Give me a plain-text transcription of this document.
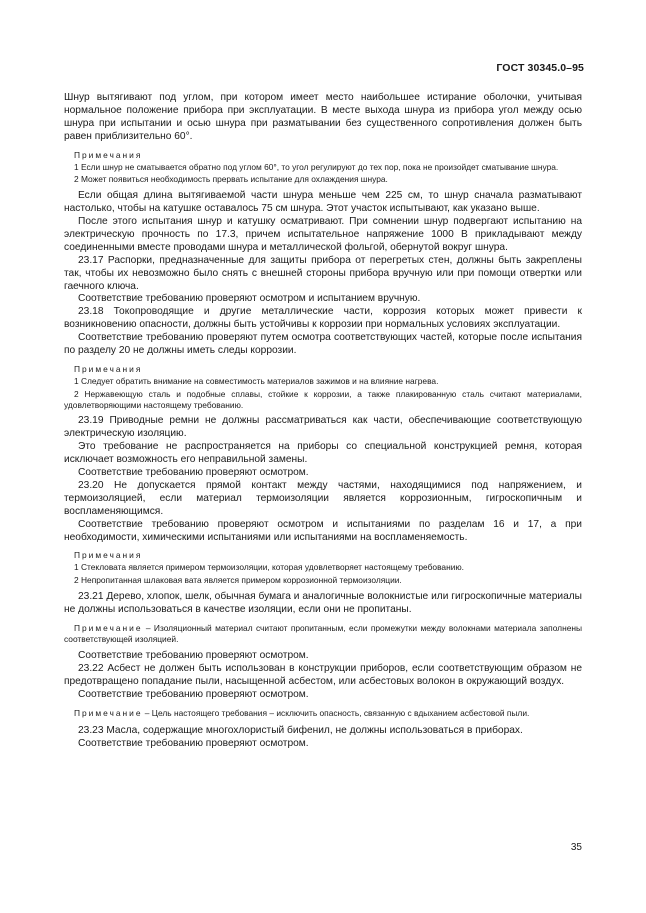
ГОСТ 30345.0–95

Шнур вытягивают под углом, при котором имеет место наибольшее истирание оболочки, учитывая нормальное положение прибора при эксплуатации. В месте выхода шнура из прибора угол между осью шнура при испытании и осью шнура при разматывании без существенного сопротивления должен быть равен приблизительно 60°.

Примечания

1 Если шнур не сматывается обратно под углом 60°, то угол регулируют до тех пор, пока не произойдет сматывание шнура.

2 Может появиться необходимость прервать испытание для охлаждения шнура.

Если общая длина вытягиваемой части шнура меньше чем 225 см, то шнур сначала разматывают настолько, чтобы на катушке оставалось 75 см шнура. Этот участок испытывают, как указано выше.

После этого испытания шнур и катушку осматривают. При сомнении шнур подвергают испытанию на электрическую прочность по 17.3, причем испытательное напряжение 1000 В прикладывают между соединенными вместе проводами шнура и металлической фольгой, обернутой вокруг шнура.

23.17 Распорки, предназначенные для защиты прибора от перегретых стен, должны быть закреплены так, чтобы их невозможно было снять с внешней стороны прибора вручную или при помощи отвертки или гаечного ключа.

Соответствие требованию проверяют осмотром и испытанием вручную.

23.18 Токопроводящие и другие металлические части, коррозия которых может привести к возникновению опасности, должны быть устойчивы к коррозии при нормальных условиях эксплуатации.

Соответствие требованию проверяют путем осмотра соответствующих частей, которые после испытания по разделу 20 не должны иметь следы коррозии.

Примечания

1 Следует обратить внимание на совместимость материалов зажимов и на влияние нагрева.

2 Нержавеющую сталь и подобные сплавы, стойкие к коррозии, а также плакированную сталь считают материалами, удовлетворяющими настоящему требованию.

23.19 Приводные ремни не должны рассматриваться как части, обеспечивающие соответствующую электрическую изоляцию.

Это требование не распространяется на приборы со специальной конструкцией ремня, которая исключает возможность его неправильной замены.

Соответствие требованию проверяют осмотром.

23.20 Не допускается прямой контакт между частями, находящимися под напряжением, и термоизоляцией, если материал термоизоляции является коррозионным, гигроскопичным и воспламеняющимся.

Соответствие требованию проверяют осмотром и испытаниями по разделам 16 и 17, а при необходимости, химическими испытаниями или испытаниями на воспламеняемость.

Примечания

1 Стекловата является примером термоизоляции, которая удовлетворяет настоящему требованию.

2 Непропитанная шлаковая вата является примером коррозионной термоизоляции.

23.21 Дерево, хлопок, шелк, обычная бумага и аналогичные волокнистые или гигроскопичные материалы не должны использоваться в качестве изоляции, если они не пропитаны.

Примечание – Изоляционный материал считают пропитанным, если промежутки между волокнами материала заполнены соответствующей изоляцией.

Соответствие требованию проверяют осмотром.

23.22 Асбест не должен быть использован в конструкции приборов, если соответствующим образом не предотвращено попадание пыли, насыщенной асбестом, или асбестовых волокон в окружающий воздух.

Соответствие требованию проверяют осмотром.

Примечание – Цель настоящего требования – исключить опасность, связанную с вдыханием асбестовой пыли.

23.23 Масла, содержащие многохлористый бифенил, не должны использоваться в приборах.

Соответствие требованию проверяют осмотром.

35
